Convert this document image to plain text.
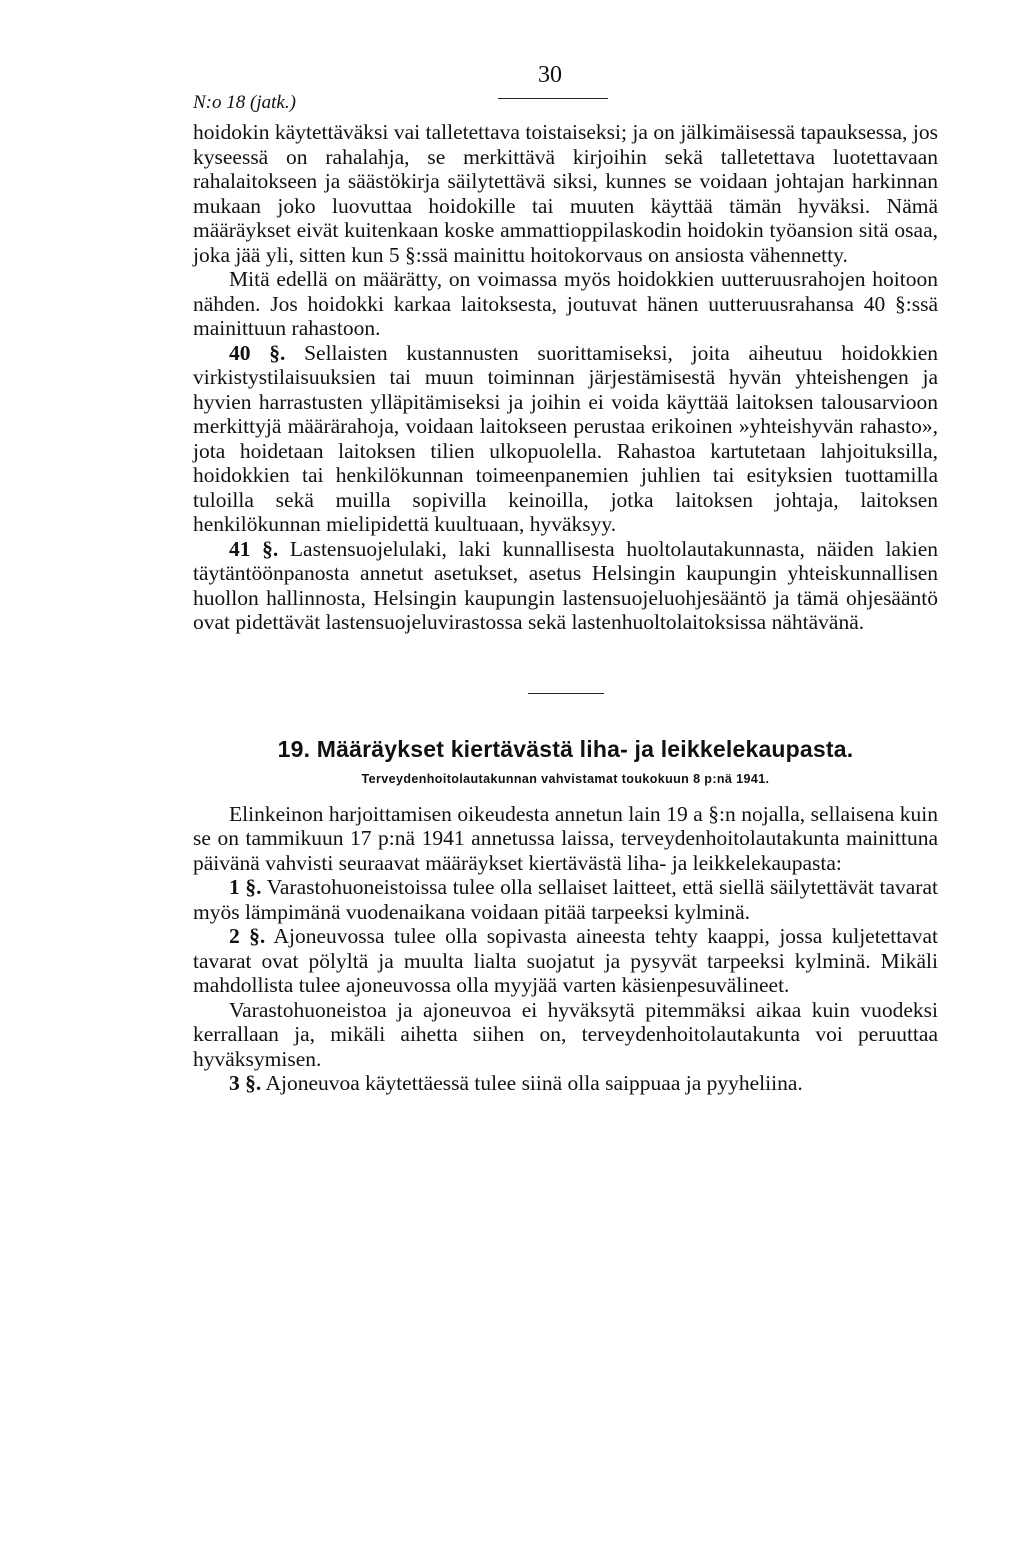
N:o 18 (jatk.)
30

hoidokin käytettäväksi vai talletettava toistaiseksi; ja on jälkimäisessä tapauksessa, jos kyseessä on rahalahja, se merkittävä kirjoihin sekä talletettava luotettavaan rahalaitokseen ja säästökirja säilytettävä siksi, kunnes se voidaan johtajan harkinnan mukaan joko luovuttaa hoidokille tai muuten käyttää tämän hyväksi. Nämä määräykset eivät kuitenkaan koske ammattioppilaskodin hoidokin työansion sitä osaa, joka jää yli, sitten kun 5 §:ssä mainittu hoitokorvaus on ansiosta vähennetty.

Mitä edellä on määrätty, on voimassa myös hoidokkien uutteruusrahojen hoitoon nähden. Jos hoidokki karkaa laitoksesta, joutuvat hänen uutteruusrahansa 40 §:ssä mainittuun rahastoon.

40 §. Sellaisten kustannusten suorittamiseksi, joita aiheutuu hoidokkien virkistystilaisuuksien tai muun toiminnan järjestämisestä hyvän yhteishengen ja hyvien harrastusten ylläpitämiseksi ja joihin ei voida käyttää laitoksen talousarvioon merkittyjä määrärahoja, voidaan laitokseen perustaa erikoinen »yhteishyvän rahasto», jota hoidetaan laitoksen tilien ulkopuolella. Rahastoa kartutetaan lahjoituksilla, hoidokkien tai henkilökunnan toimeenpanemien juhlien tai esityksien tuottamilla tuloilla sekä muilla sopivilla keinoilla, jotka laitoksen johtaja, laitoksen henkilökunnan mielipidettä kuultuaan, hyväksyy.

41 §. Lastensuojelulaki, laki kunnallisesta huoltolautakunnasta, näiden lakien täytäntöönpanosta annetut asetukset, asetus Helsingin kaupungin yhteiskunnallisen huollon hallinnosta, Helsingin kaupungin lastensuojeluohjesääntö ja tämä ohjesääntö ovat pidettävät lastensuojeluvirastossa sekä lastenhuoltolaitoksissa nähtävänä.

19. Määräykset kiertävästä liha- ja leikkelekaupasta.
Terveydenhoitolautakunnan vahvistamat toukokuun 8 p:nä 1941.

Elinkeinon harjoittamisen oikeudesta annetun lain 19 a §:n nojalla, sellaisena kuin se on tammikuun 17 p:nä 1941 annetussa laissa, terveydenhoitolautakunta mainittuna päivänä vahvisti seuraavat määräykset kiertävästä liha- ja leikkelekaupasta:

1 §. Varastohuoneistoissa tulee olla sellaiset laitteet, että siellä säilytettävät tavarat myös lämpimänä vuodenaikana voidaan pitää tarpeeksi kylminä.

2 §. Ajoneuvossa tulee olla sopivasta aineesta tehty kaappi, jossa kuljetettavat tavarat ovat pölyltä ja muulta lialta suojatut ja pysyvät tarpeeksi kylminä. Mikäli mahdollista tulee ajoneuvossa olla myyjää varten käsienpesuvälineet.

Varastohuoneistoa ja ajoneuvoa ei hyväksytä pitemmäksi aikaa kuin vuodeksi kerrallaan ja, mikäli aihetta siihen on, terveydenhoitolautakunta voi peruuttaa hyväksymisen.

3 §. Ajoneuvoa käytettäessä tulee siinä olla saippuaa ja pyyheliina.
